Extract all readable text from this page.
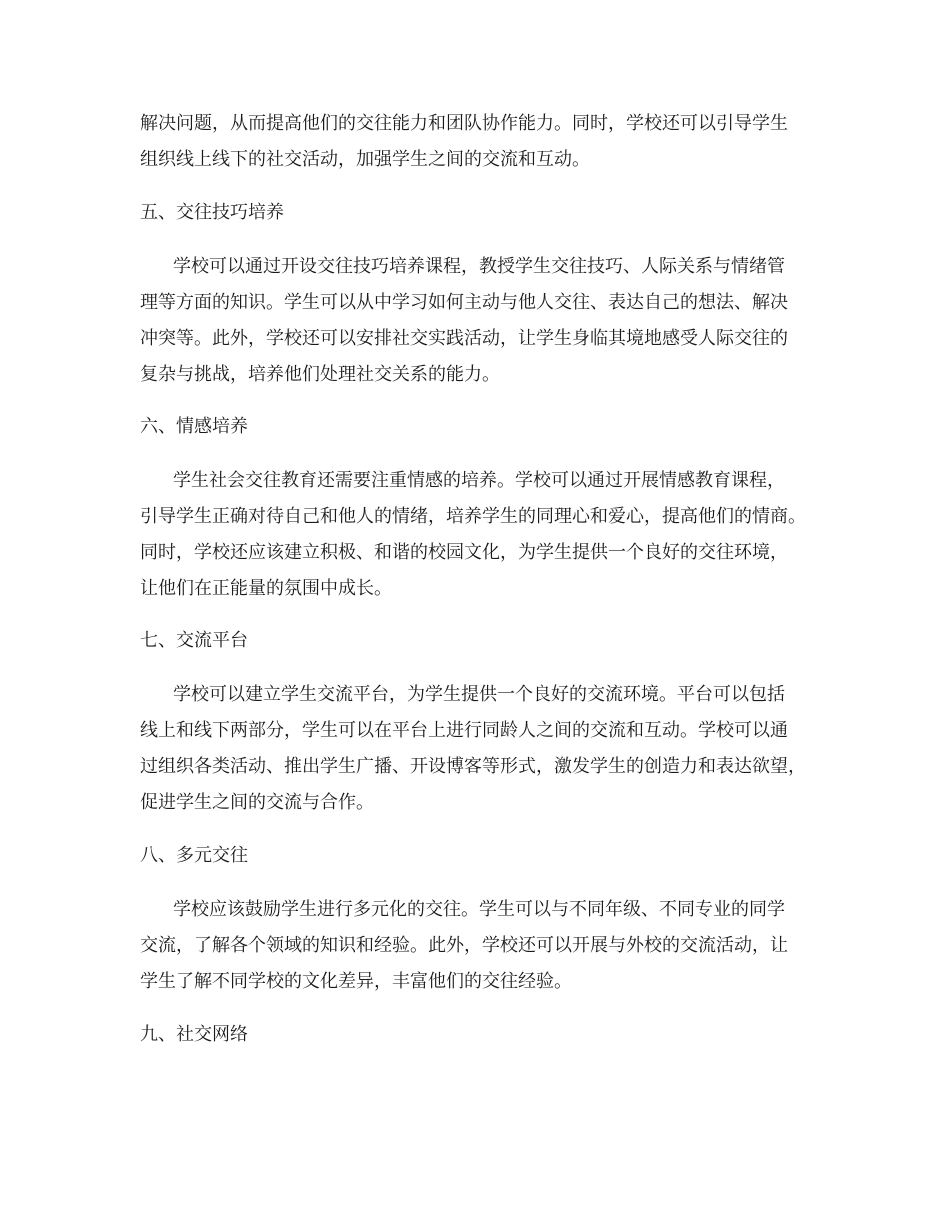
解决问题，从而提高他们的交往能力和团队协作能力。同时，学校还可以引导学生
组织线上线下的社交活动，加强学生之间的交流和互动。
五、交往技巧培养
学校可以通过开设交往技巧培养课程，教授学生交往技巧、人际关系与情绪管
理等方面的知识。学生可以从中学习如何主动与他人交往、表达自己的想法、解决
冲突等。此外，学校还可以安排社交实践活动，让学生身临其境地感受人际交往的
复杂与挑战，培养他们处理社交关系的能力。
六、情感培养
学生社会交往教育还需要注重情感的培养。学校可以通过开展情感教育课程，
引导学生正确对待自己和他人的情绪，培养学生的同理心和爱心，提高他们的情商。
同时，学校还应该建立积极、和谐的校园文化，为学生提供一个良好的交往环境，
让他们在正能量的氛围中成长。
七、交流平台
学校可以建立学生交流平台，为学生提供一个良好的交流环境。平台可以包括
线上和线下两部分，学生可以在平台上进行同龄人之间的交流和互动。学校可以通
过组织各类活动、推出学生广播、开设博客等形式，激发学生的创造力和表达欲望，
促进学生之间的交流与合作。
八、多元交往
学校应该鼓励学生进行多元化的交往。学生可以与不同年级、不同专业的同学
交流，了解各个领域的知识和经验。此外，学校还可以开展与外校的交流活动，让
学生了解不同学校的文化差异，丰富他们的交往经验。
九、社交网络
